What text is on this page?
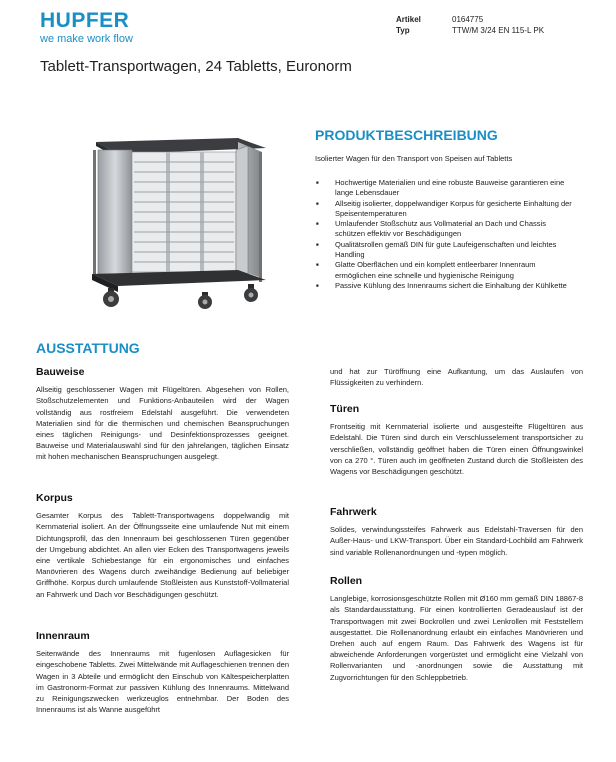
HUPFER
we make work flow
Artikel	0164775
Typ	TTW/M 3/24 EN 115-L PK
Tablett-Transportwagen, 24 Tabletts, Euronorm
PRODUKTBESCHREIBUNG
Isolierter Wagen für den Transport von Speisen auf Tabletts
■ Hochwertige Materialien und eine robuste Bauweise garantieren eine lange Lebensdauer
■ Allseitig isolierter, doppelwandiger Korpus für gesicherte Einhaltung der Speisentemperaturen
■ Umlaufender Stoßschutz aus Vollmaterial an Dach und Chassis schützen effektiv vor Beschädigungen
■ Qualitätsrollen gemäß DIN für gute Laufeigenschaften und leichtes Handling
■ Glatte Oberflächen und ein komplett entleerbarer Innenraum ermöglichen eine schnelle und hygienische Reinigung
■ Passive Kühlung des Innenraums sichert die Einhaltung der Kühlkette
AUSSTATTUNG
Bauweise
Allseitig geschlossener Wagen mit Flügeltüren. Abgesehen von Rollen, Stoßschutzelementen und Funktions-Anbauteilen wird der Wagen vollständig aus rostfreiem Edelstahl ausgeführt. Die verwendeten Materialien sind für die thermischen und chemischen Beanspruchungen eines täglichen Reinigungs- und Desinfektionsprozesses geeignet. Bauweise und Materialauswahl sind für den jahrelangen, täglichen Einsatz mit hohen mechanischen Beanspruchungen ausgelegt.
Korpus
Gesamter Korpus des Tablett-Transportwagens doppelwandig mit Kernmaterial isoliert. An der Öffnungsseite eine umlaufende Nut mit einem Dichtungsprofil, das den Innenraum bei geschlossenen Türen gegenüber der Umgebung abdichtet. An allen vier Ecken des Transportwagens jeweils eine vertikale Schiebestange für ein ergonomisches und einfaches Manövrieren des Wagens durch zweihändige Bedienung auf beliebiger Griffhöhe. Korpus durch umlaufende Stoßleisten aus Kunststoff-Vollmaterial an Fahrwerk und Dach vor Beschädigungen geschützt.
Innenraum
Seitenwände des Innenraums mit fugenlosen Auflagesicken für eingeschobene Tabletts. Zwei Mittelwände mit Auflageschienen trennen den Wagen in 3 Abteile und ermöglicht den Einschub von Kältespeicherplatten im Gastronorm-Format zur passiven Kühlung des Innenraums. Mittelwand zu Reinigungszwecken werkzeuglos entnehmbar. Der Boden des Innenraums ist als Wanne ausgeführt
und hat zur Türöffnung eine Aufkantung, um das Auslaufen von Flüssigkeiten zu verhindern.
Türen
Frontseitig mit Kernmaterial isolierte und ausgesteifte Flügeltüren aus Edelstahl. Die Türen sind durch ein Verschlusselement transportsicher zu verschließen, vollständig geöffnet haben die Türen einen Öffnungswinkel von ca 270 °. Türen auch im geöffneten Zustand durch die Stoßleisten des Wagens vor Beschädigungen geschützt.
Fahrwerk
Solides, verwindungssteifes Fahrwerk aus Edelstahl-Traversen für den Außer-Haus- und LKW-Transport. Über ein Standard-Lochbild am Fahrwerk sind variable Rollenanordnungen und -typen möglich.
Rollen
Langlebige, korrosionsgeschützte Rollen mit Ø160 mm gemäß DIN 18867-8 als Standardausstattung. Für einen kontrollierten Geradeauslauf ist der Transportwagen mit zwei Bockrollen und zwei Lenkrollen mit Feststellern ausgestattet. Die Rollenanordnung erlaubt ein einfaches Manövrieren und Drehen auch auf engem Raum. Das Fahrwerk des Wagens ist für abweichende Anforderungen vorgerüstet und ermöglicht eine Vielzahl von Rollenvarianten und -anordnungen sowie die Ausstattung mit Zugvorrichtungen für den Schleppbetrieb.
